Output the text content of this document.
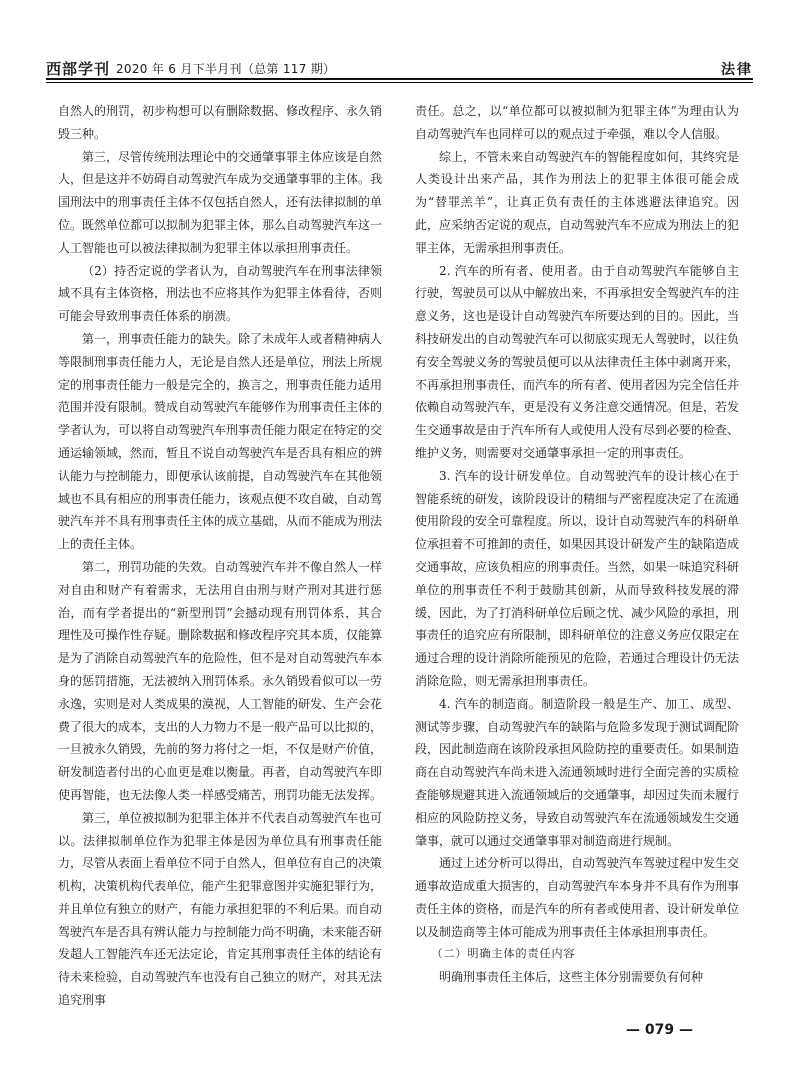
西部学刊 2020 年 6 月下半月刊（总第 117 期）	法律

自然人的刑罚，初步构想可以有删除数据、修改程序、永久销毁三种。

第三，尽管传统刑法理论中的交通肇事罪主体应该是自然人，但是这并不妨碍自动驾驶汽车成为交通肇事罪的主体。我国刑法中的刑事责任主体不仅包括自然人，还有法律拟制的单位。既然单位都可以拟制为犯罪主体，那么自动驾驶汽车这一人工智能也可以被法律拟制为犯罪主体以承担刑事责任。

（2）持否定说的学者认为，自动驾驶汽车在刑事法律领域不具有主体资格，刑法也不应将其作为犯罪主体看待，否则可能会导致刑事责任体系的崩溃。

第一，刑事责任能力的缺失。除了未成年人或者精神病人等限制刑事责任能力人，无论是自然人还是单位，刑法上所规定的刑事责任能力一般是完全的，换言之，刑事责任能力适用范围并没有限制。赞成自动驾驶汽车能够作为刑事责任主体的学者认为，可以将自动驾驶汽车刑事责任能力限定在特定的交通运输领域，然而，暂且不说自动驾驶汽车是否具有相应的辨认能力与控制能力，即便承认该前提，自动驾驶汽车在其他领域也不具有相应的刑事责任能力，该观点便不攻自破，自动驾驶汽车并不具有刑事责任主体的成立基础，从而不能成为刑法上的责任主体。

第二，刑罚功能的失效。自动驾驶汽车并不像自然人一样对自由和财产有着需求，无法用自由刑与财产刑对其进行惩治，而有学者提出的“新型刑罚”会撼动现有刑罚体系，其合理性及可操作性存疑。删除数据和修改程序究其本质，仅能算是为了消除自动驾驶汽车的危险性，但不是对自动驾驶汽车本身的惩罚措施，无法被纳入刑罚体系。永久销毁看似可以一劳永逸，实则是对人类成果的漠视，人工智能的研发、生产会花费了很大的成本，支出的人力物力不是一般产品可以比拟的，一旦被永久销毁，先前的努力将付之一炬，不仅是财产价值，研发制造者付出的心血更是难以衡量。再者，自动驾驶汽车即使再智能，也无法像人类一样感受痛苦，刑罚功能无法发挥。

第三，单位被拟制为犯罪主体并不代表自动驾驶汽车也可以。法律拟制单位作为犯罪主体是因为单位具有刑事责任能力，尽管从表面上看单位不同于自然人，但单位有自己的决策机构，决策机构代表单位，能产生犯罪意图并实施犯罪行为，并且单位有独立的财产，有能力承担犯罪的不利后果。而自动驾驶汽车是否具有辨认能力与控制能力尚不明确，未来能否研发超人工智能汽车还无法定论，肯定其刑事责任主体的结论有待未来检验，自动驾驶汽车也没有自己独立的财产，对其无法追究刑事

责任。总之，以“单位都可以被拟制为犯罪主体”为理由认为自动驾驶汽车也同样可以的观点过于牵强，难以令人信服。

综上，不管未来自动驾驶汽车的智能程度如何，其终究是人类设计出来产品，其作为刑法上的犯罪主体很可能会成为“替罪羔羊”，让真正负有责任的主体逃避法律追究。因此，应采纳否定说的观点，自动驾驶汽车不应成为刑法上的犯罪主体，无需承担刑事责任。

2. 汽车的所有者、使用者。由于自动驾驶汽车能够自主行驶，驾驶员可以从中解放出来，不再承担安全驾驶汽车的注意义务，这也是设计自动驾驶汽车所要达到的目的。因此，当科技研发出的自动驾驶汽车可以彻底实现无人驾驶时，以往负有安全驾驶义务的驾驶员便可以从法律责任主体中剥离开来，不再承担刑事责任，而汽车的所有者、使用者因为完全信任并依赖自动驾驶汽车，更是没有义务注意交通情况。但是，若发生交通事故是由于汽车所有人或使用人没有尽到必要的检查、维护义务，则需要对交通肇事承担一定的刑事责任。

3. 汽车的设计研发单位。自动驾驶汽车的设计核心在于智能系统的研发，该阶段设计的精细与严密程度决定了在流通使用阶段的安全可靠程度。所以，设计自动驾驶汽车的科研单位承担着不可推卸的责任，如果因其设计研发产生的缺陷造成交通事故，应该负相应的刑事责任。当然，如果一味追究科研单位的刑事责任不利于鼓励其创新，从而导致科技发展的滞缓，因此，为了打消科研单位后顾之忧、减少风险的承担，刑事责任的追究应有所限制，即科研单位的注意义务应仅限定在通过合理的设计消除所能预见的危险，若通过合理设计仍无法消除危险，则无需承担刑事责任。

4. 汽车的制造商。制造阶段一般是生产、加工、成型、测试等步骤，自动驾驶汽车的缺陷与危险多发现于测试调配阶段，因此制造商在该阶段承担风险防控的重要责任。如果制造商在自动驾驶汽车尚未进入流通领域时进行全面完善的实质检查能够规避其进入流通领域后的交通肇事，却因过失而未履行相应的风险防控义务，导致自动驾驶汽车在流通领域发生交通肇事，就可以通过交通肇事罪对制造商进行规制。

通过上述分析可以得出，自动驾驶汽车驾驶过程中发生交通事故造成重大损害的，自动驾驶汽车本身并不具有作为刑事责任主体的资格，而是汽车的所有者或使用者、设计研发单位以及制造商等主体可能成为刑事责任主体承担刑事责任。

（二）明确主体的责任内容

明确刑事责任主体后，这些主体分别需要负有何种

— 079 —
